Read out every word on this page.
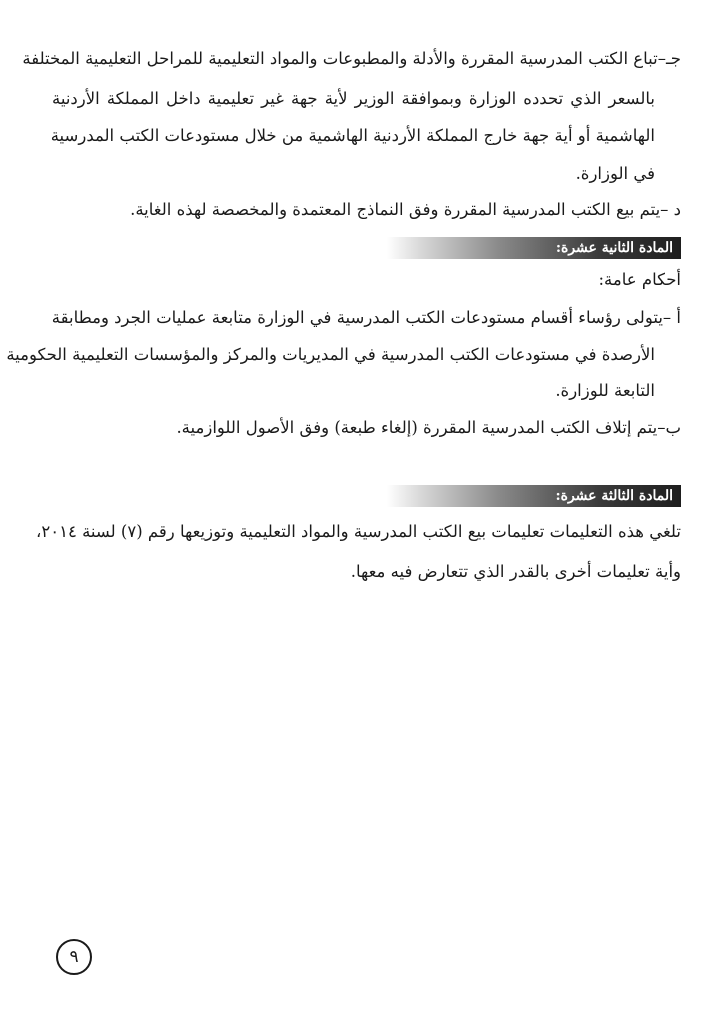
جـ–تباع الكتب المدرسية المقررة والأدلة والمطبوعات والمواد التعليمية للمراحل التعليمية المختلفة
بالسعر الذي تحدده الوزارة وبموافقة الوزير لأية جهة غير تعليمية داخل المملكة الأردنية
الهاشمية أو أية جهة خارج المملكة الأردنية الهاشمية من خلال مستودعات الكتب المدرسية
في الوزارة.
د –يتم بيع الكتب المدرسية المقررة وفق النماذج المعتمدة والمخصصة لهذه الغاية.
المادة الثانية عشرة:
أحكام عامة:
أ –يتولى رؤساء أقسام مستودعات الكتب المدرسية في الوزارة متابعة عمليات الجرد ومطابقة
الأرصدة في مستودعات الكتب المدرسية في المديريات والمركز والمؤسسات التعليمية الحكومية
التابعة للوزارة.
ب–يتم إتلاف الكتب المدرسية المقررة (إلغاء طبعة) وفق الأصول اللوازمية.
المادة الثالثة عشرة:
تلغي هذه التعليمات تعليمات بيع الكتب المدرسية والمواد التعليمية وتوزيعها رقم (٧) لسنة ٢٠١٤،
وأية تعليمات أخرى بالقدر الذي تتعارض فيه معها.
٩
